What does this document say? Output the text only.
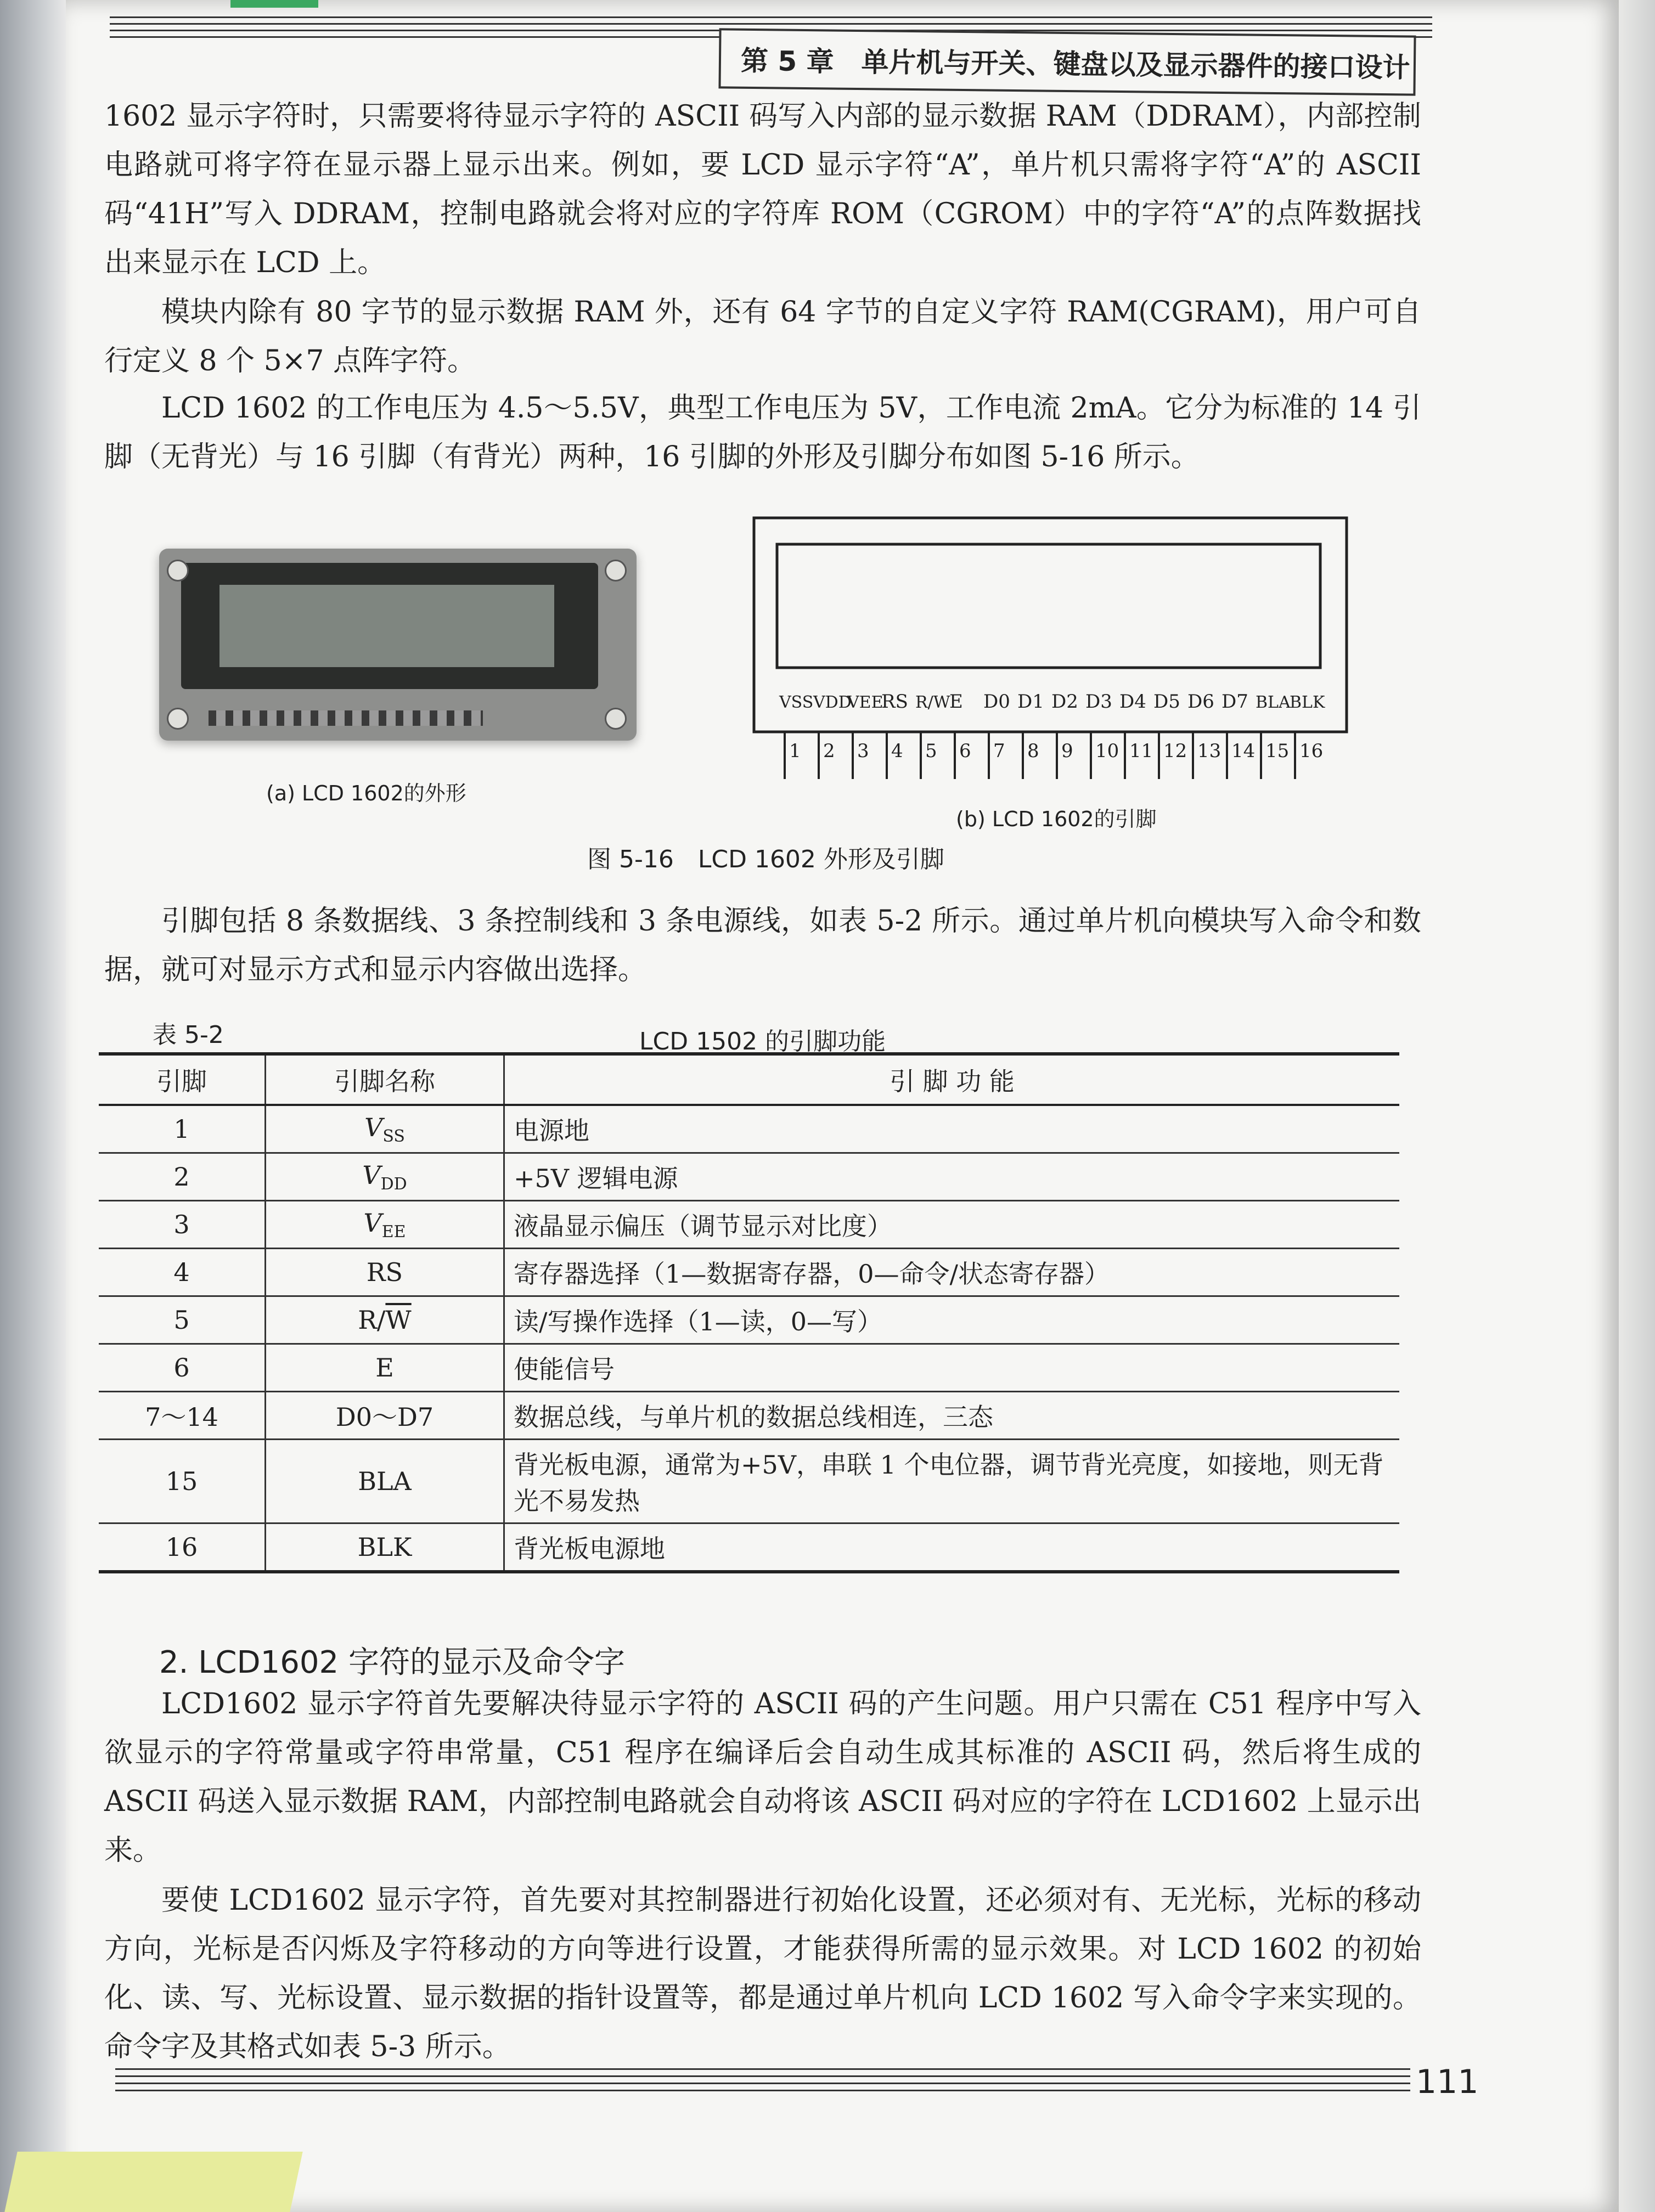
第 5 章　单片机与开关、键盘以及显示器件的接口设计
1602 显示字符时，只需要将待显示字符的 ASCII 码写入内部的显示数据 RAM（DDRAM），内部控制电路就可将字符在显示器上显示出来。例如，要 LCD 显示字符“A”，单片机只需将字符“A”的 ASCII 码“41H”写入 DDRAM，控制电路就会将对应的字符库 ROM（CGROM）中的字符“A”的点阵数据找出来显示在 LCD 上。
模块内除有 80 字节的显示数据 RAM 外，还有 64 字节的自定义字符 RAM(CGRAM)，用户可自行定义 8 个 5×7 点阵字符。
LCD 1602 的工作电压为 4.5～5.5V，典型工作电压为 5V，工作电流 2mA。它分为标准的 14 引脚（无背光）与 16 引脚（有背光）两种，16 引脚的外形及引脚分布如图 5-16 所示。
(a) LCD 1602的外形
VSS VDD
VEE
RS R/W
E D0 D1 D2 D3 D4 D5 D6 D7 BLA
BLK
1 2 3 4 5 6 7 8 9 10 11 12 13 14 15 16
(b) LCD 1602的引脚
图 5-16　LCD 1602 外形及引脚
引脚包括 8 条数据线、3 条控制线和 3 条电源线，如表 5-2 所示。通过单片机向模块写入命令和数据，就可对显示方式和显示内容做出选择。
表 5-2	LCD 1502 的引脚功能
引脚	引脚名称	引 脚 功 能
1	$V_{SS}$	电源地
2	$V_{DD}$	+5V 逻辑电源
3	$V_{EE}$	液晶显示偏压（调节显示对比度）
4	RS	寄存器选择（1—数据寄存器，0—命令/状态寄存器）
5	$R/\overline{W}$	读/写操作选择（1—读，0—写）
6	E	使能信号
7～14	D0～D7	数据总线，与单片机的数据总线相连，三态
15	BLA	背光板电源，通常为+5V，串联 1 个电位器，调节背光亮度，如接地，则无背光不易发热
16	BLK	背光板电源地
2. LCD1602 字符的显示及命令字
LCD1602 显示字符首先要解决待显示字符的 ASCII 码的产生问题。用户只需在 C51 程序中写入欲显示的字符常量或字符串常量，C51 程序在编译后会自动生成其标准的 ASCII 码，然后将生成的 ASCII 码送入显示数据 RAM，内部控制电路就会自动将该 ASCII 码对应的字符在 LCD1602 上显示出来。
要使 LCD1602 显示字符，首先要对其控制器进行初始化设置，还必须对有、无光标，光标的移动方向，光标是否闪烁及字符移动的方向等进行设置，才能获得所需的显示效果。对 LCD 1602 的初始化、读、写、光标设置、显示数据的指针设置等，都是通过单片机向 LCD 1602 写入命令字来实现的。命令字及其格式如表 5-3 所示。
111
